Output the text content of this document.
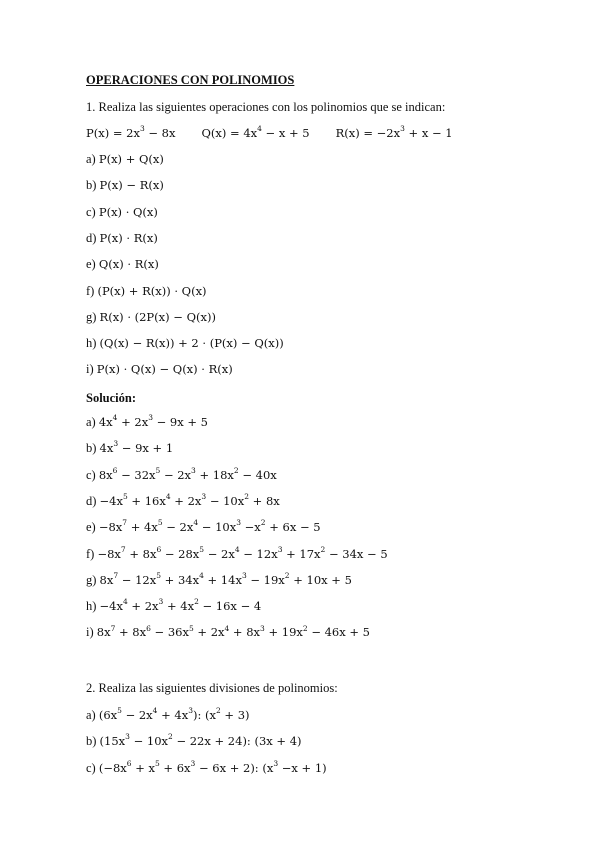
OPERACIONES CON POLINOMIOS
1. Realiza las siguientes operaciones con los polinomios que se indican:
$P(x) = 2x^3 - 8x$ $Q(x) = 4x^4 - x + 5$ $R(x) = -2x^3 + x - 1$
a) P(x) + Q(x)
b) P(x) − R(x)
c) P(x) · Q(x)
d) P(x) · R(x)
e) Q(x) · R(x)
f) (P(x) + R(x)) · Q(x)
g) R(x) · (2P(x) − Q(x))
h) (Q(x) − R(x)) + 2 · (P(x) − Q(x))
i) P(x) · Q(x) − Q(x) · R(x)
Solución:
a) $4x^4 + 2x^3 - 9x + 5$
b) $4x^3 - 9x + 1$
c) $8x^6 - 32x^5 - 2x^3 + 18x^2 - 40x$
$d) -4x^5 + 16x^4 + 2x^3 - 10x^2 + 8x$
$e) -8x^7 + 4x^5 - 2x^4 - 10x^3 -x^2 + 6x - 5$
$f) -8x^7 + 8x^6 - 28x^5 - 2x^4 - 12x^3 + 17x^2 - 34x - 5$
g) $8x^7 - 12x^5 + 34x^4 + 14x^3 - 19x^2 + 10x + 5$
$h) -4x^4 + 2x^3 + 4x^2 - 16x - 4$
i) $8x^7 + 8x^6 - 36x^5 + 2x^4 + 8x^3 + 19x^2 - 46x + 5$
2. Realiza las siguientes divisiones de polinomios:
a) $(6x^5 - 2x^4 + 4x^3)$: $(x^2 + 3)$
b) $(15x^3 - 10x^2 - 22x + 24)$: (3x + 4)
c) $(-8x^6 + x^5 + 6x^3 - 6x + 2)$: $(x^3 -x + 1)$
